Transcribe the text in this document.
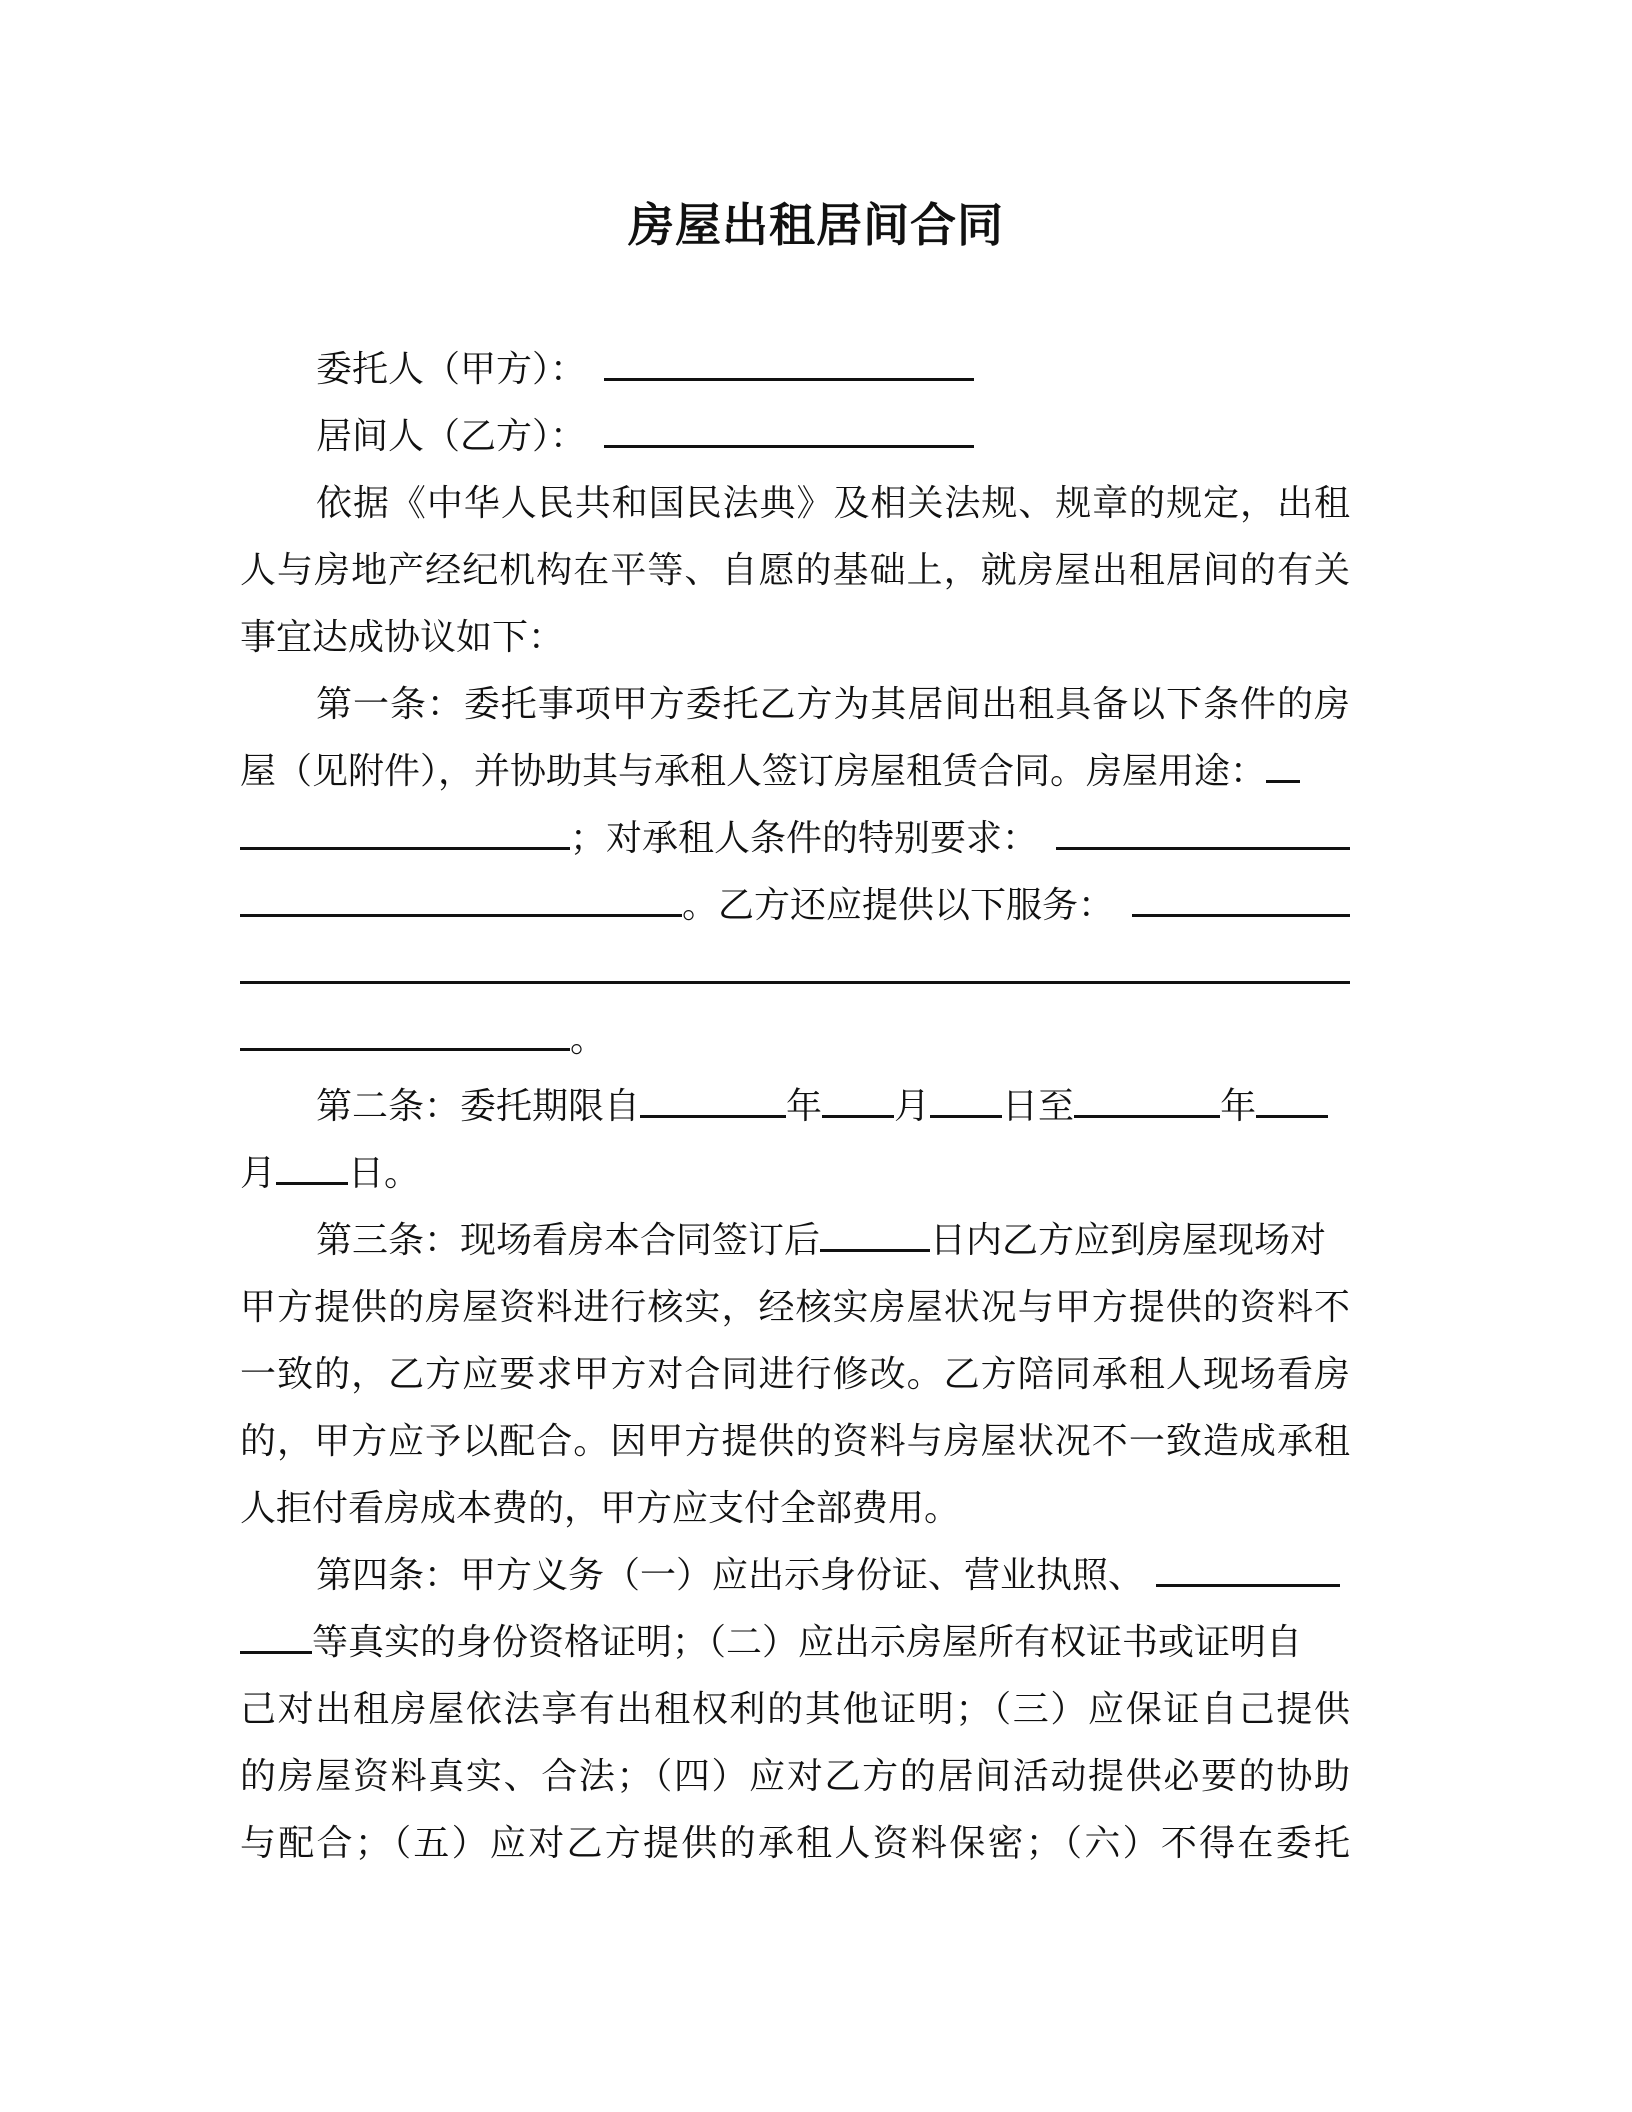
房屋出租居间合同
委托人（甲方）：
居间人（乙方）：
依据《中华人民共和国民法典》及相关法规、规章的规定，出租
人与房地产经纪机构在平等、自愿的基础上，就房屋出租居间的有关
事宜达成协议如下：
第一条：委托事项甲方委托乙方为其居间出租具备以下条件的房
屋（见附件），并协助其与承租人签订房屋租赁合同。房屋用途：
；对承租人条件的特别要求：
。乙方还应提供以下服务：
。
第二条：委托期限自	年 月 日至	年
月 日。
第三条：现场看房本合同签订后	日内乙方应到房屋现场对
甲方提供的房屋资料进行核实，经核实房屋状况与甲方提供的资料不
一致的，乙方应要求甲方对合同进行修改。乙方陪同承租人现场看房
的，甲方应予以配合。因甲方提供的资料与房屋状况不一致造成承租
人拒付看房成本费的，甲方应支付全部费用。
第四条：甲方义务（一）应出示身份证、营业执照、
等真实的身份资格证明；（二）应出示房屋所有权证书或证明自
己对出租房屋依法享有出租权利的其他证明；（三）应保证自己提供
的房屋资料真实、合法；（四）应对乙方的居间活动提供必要的协助
与配合；（五）应对乙方提供的承租人资料保密；（六）不得在委托
